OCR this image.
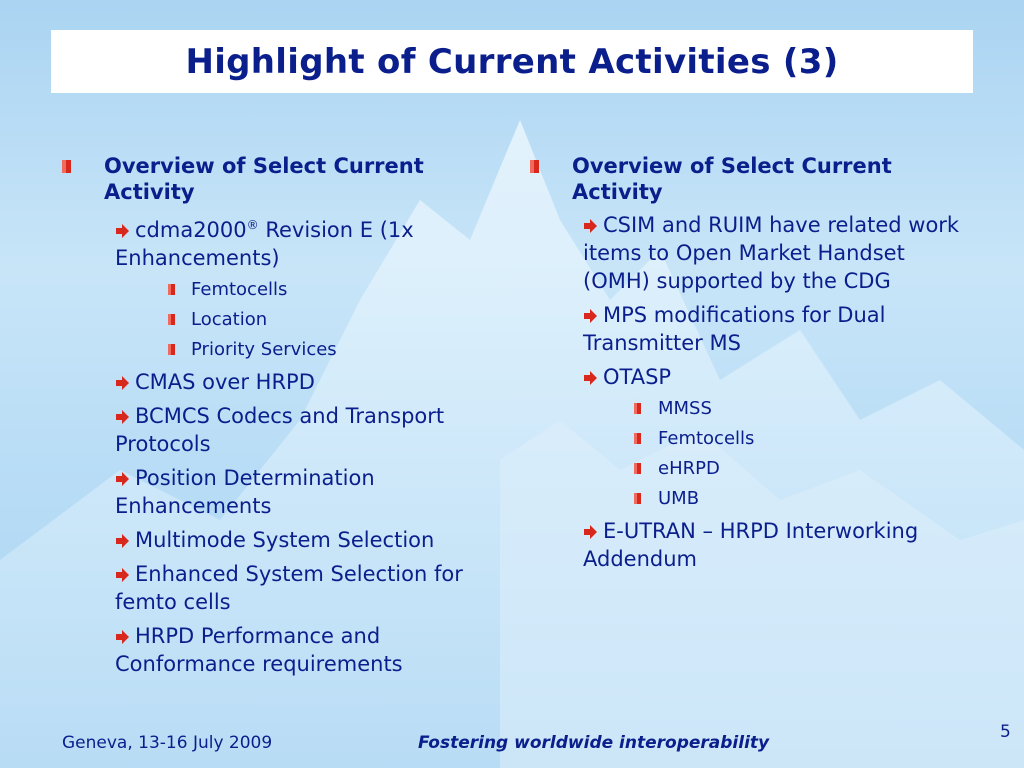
Highlight of Current Activities (3)
Overview of Select Current
Activity
cdma2000® Revision E (1x Enhancements)
Femtocells
Location
Priority Services
CMAS over HRPD
BCMCS Codecs and Transport Protocols
Position Determination Enhancements
Multimode System Selection
Enhanced System Selection for femto cells
HRPD Performance and Conformance requirements
Overview of Select Current
Activity
CSIM and RUIM have related work items to Open Market Handset (OMH) supported by the CDG
MPS modifications for Dual Transmitter MS
OTASP
MMSS
Femtocells
eHRPD
UMB
E-UTRAN – HRPD Interworking Addendum
Geneva, 13-16 July 2009	Fostering worldwide interoperability
5
